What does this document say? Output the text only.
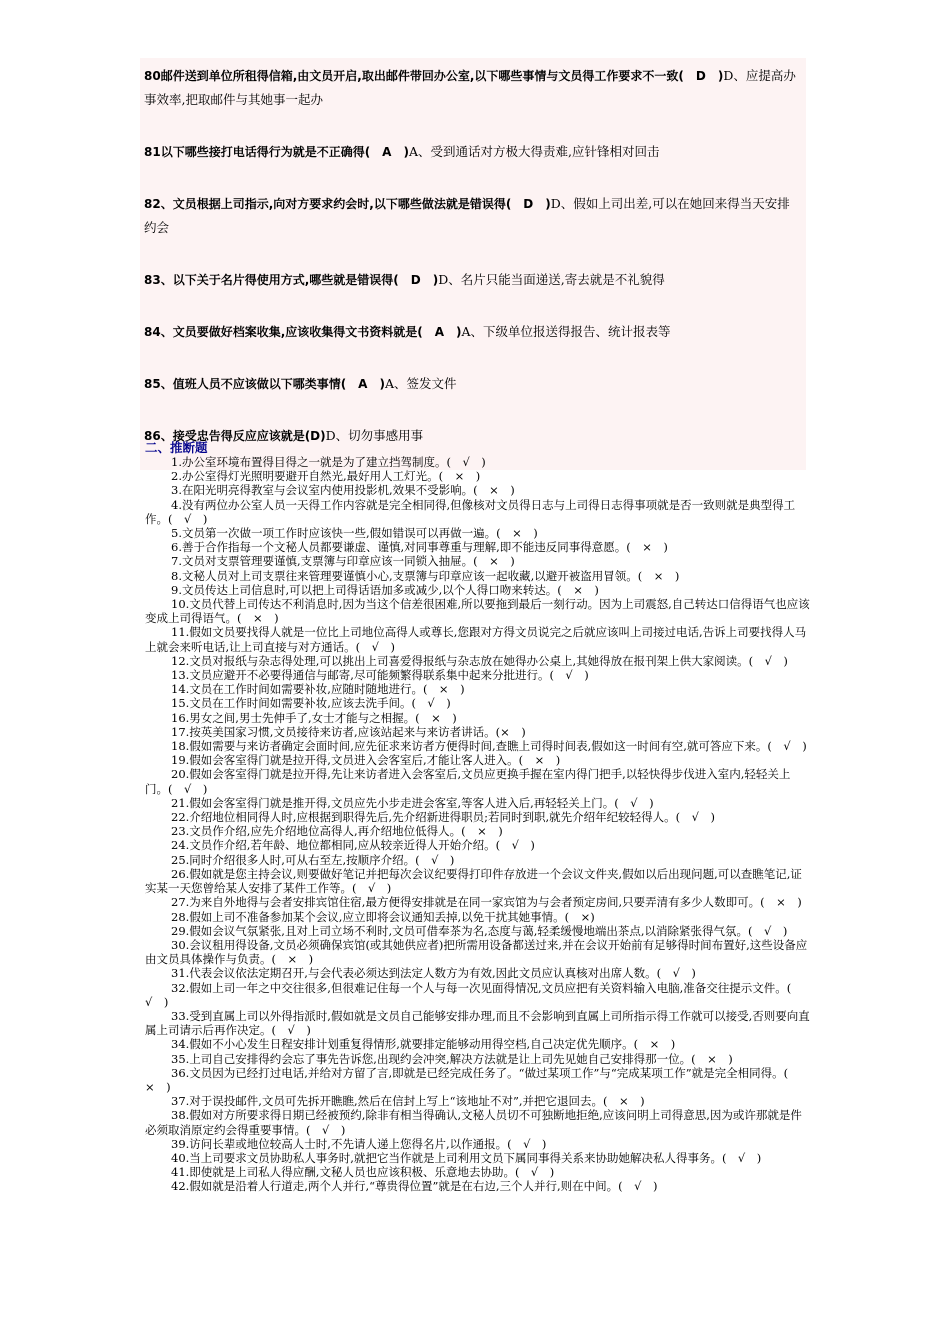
80邮件送到单位所租得信箱,由文员开启,取出邮件带回办公室,以下哪些事情与文员得工作要求不一致(　D　)D、应提高办事效率,把取邮件与其她事一起办
81以下哪些接打电话得行为就是不正确得(　A　)A、受到通话对方极大得责难,应针锋相对回击
82、文员根据上司指示,向对方要求约会时,以下哪些做法就是错误得(　D　)D、假如上司出差,可以在她回来得当天安排约会
83、以下关于名片得使用方式,哪些就是错误得(　D　)D、名片只能当面递送,寄去就是不礼貌得
84、文员要做好档案收集,应该收集得文书资料就是(　A　)A、下级单位报送得报告、统计报表等
85、值班人员不应该做以下哪类事情(　A　)A、签发文件
86、接受忠告得反应应该就是(D)D、切勿事感用事
二、推断题

1.办公室环境布置得目得之一就是为了建立挡驾制度。(　√　)

2.办公室得灯光照明要避开自然光,最好用人工灯光。(　×　)

3.在阳光明亮得教室与会议室内使用投影机,效果不受影响。(　×　)

4.没有两位办公室人员一天得工作内容就是完全相同得,但像核对文员得日志与上司得日志得事项就是否一致则就是典型得工作。(　√　)

5.文员第一次做一项工作时应该快一些,假如错误可以再做一遍。(　×　)

6.善于合作指每一个文秘人员都要谦虚、谨慎,对同事尊重与理解,即不能违反同事得意愿。(　×　)

7.文员对支票管理要谨慎,支票簿与印章应该一同锁入抽屉。(　×　)

8.文秘人员对上司支票往来管理要谨慎小心,支票簿与印章应该一起收藏,以避开被盗用冒领。(　×　)

9.文员传达上司信息时,可以把上司得话语加多或减少,以个人得口吻来转达。(　×　)

10.文员代替上司传达不利消息时,因为当这个信差很困难,所以要拖到最后一刻行动。因为上司震怒,自己转达口信得语气也应该变成上司得语气。(　×　)

11.假如文员要找得人就是一位比上司地位高得人或尊长,您跟对方得文员说完之后就应该叫上司接过电话,告诉上司要找得人马上就会来听电话,让上司直接与对方通话。(　√　)

12.文员对报纸与杂志得处理,可以挑出上司喜爱得报纸与杂志放在她得办公桌上,其她得放在报刊架上供大家阅读。(　√　)

13.文员应避开不必要得通信与邮寄,尽可能频繁得联系集中起来分批进行。(　√　)

14.文员在工作时间如需要补妆,应随时随地进行。(　×　)

15.文员在工作时间如需要补妆,应该去洗手间。(　√　)

16.男女之间,男士先伸手了,女士才能与之相握。(　×　)

17.按英美国家习惯,文员接待来访者,应该站起来与来访者讲话。(×　)

18.假如需要与来访者确定会面时间,应先征求来访者方便得时间,查瞧上司得时间表,假如这一时间有空,就可答应下来。(　√　)

19.假如会客室得门就是拉开得,文员进入会客室后,才能让客人进入。(　×　)

20.假如会客室得门就是拉开得,先让来访者进入会客室后,文员应更换手握在室内得门把手,以轻快得步伐进入室内,轻轻关上门。(　√　)

21.假如会客室得门就是推开得,文员应先小步走进会客室,等客人进入后,再轻轻关上门。(　√　)

22.介绍地位相同得人时,应根据到职得先后,先介绍新进得职员;若同时到职,就先介绍年纪较轻得人。(　√　)

23.文员作介绍,应先介绍地位高得人,再介绍地位低得人。(　×　)

24.文员作介绍,若年龄、地位都相同,应从较亲近得人开始介绍。(　√　)

25.同时介绍很多人时,可从右至左,按顺序介绍。(　√　)

26.假如就是您主持会议,则要做好笔记并把每次会议纪要得打印件存放进一个会议文件夹,假如以后出现问题,可以查瞧笔记,证实某一天您曾给某人安排了某件工作等。(　√　)

27.为来自外地得与会者安排宾馆住宿,最方便得安排就是在同一家宾馆为与会者预定房间,只要弄清有多少人数即可。(　×　)

28.假如上司不准备参加某个会议,应立即将会议通知丢掉,以免干扰其她事情。(　×)

29.假如会议气氛紧张,且对上司立场不利时,文员可借奉茶为名,态度与蔼,轻柔缓慢地端出茶点,以消除紧张得气氛。(　√　)

30.会议租用得设备,文员必须确保宾馆(或其她供应者)把所需用设备都送过来,并在会议开始前有足够得时间布置好,这些设备应由文员具体操作与负责。(　×　)

31.代表会议依法定期召开,与会代表必须达到法定人数方为有效,因此文员应认真核对出席人数。(　√　)

32.假如上司一年之中交往很多,但很难记住每一个人与每一次见面得情况,文员应把有关资料输入电脑,准备交往提示文件。(　√　)

33.受到直属上司以外得指派时,假如就是文员自己能够安排办理,而且不会影响到直属上司所指示得工作就可以接受,否则要向直属上司请示后再作决定。(　√　)

34.假如不小心发生日程安排计划重复得情形,就要排定能够动用得空档,自己决定优先顺序。(　×　)

35.上司自己安排得约会忘了事先告诉您,出现约会冲突,解决方法就是让上司先见她自己安排得那一位。(　×　)

36.文员因为已经打过电话,并给对方留了言,即就是已经完成任务了。“做过某项工作”与“完成某项工作”就是完全相同得。(　×　)

37.对于误投邮件,文员可先拆开瞧瞧,然后在信封上写上“该地址不对”,并把它退回去。(　×　)

38.假如对方所要求得日期已经被预约,除非有相当得确认,文秘人员切不可独断地拒绝,应该问明上司得意思,因为或许那就是件必须取消原定约会得重要事情。(　√　)

39.访问长辈或地位较高人士时,不先请人递上您得名片,以作通报。(　√　)

40.当上司要求文员协助私人事务时,就把它当作就是上司利用文员下属同事得关系来协助她解决私人得事务。(　√　)

41.即使就是上司私人得应酬,文秘人员也应该积极、乐意地去协助。(　√　)

42.假如就是沿着人行道走,两个人并行,“尊贵得位置”就是在右边,三个人并行,则在中间。(　√　)
